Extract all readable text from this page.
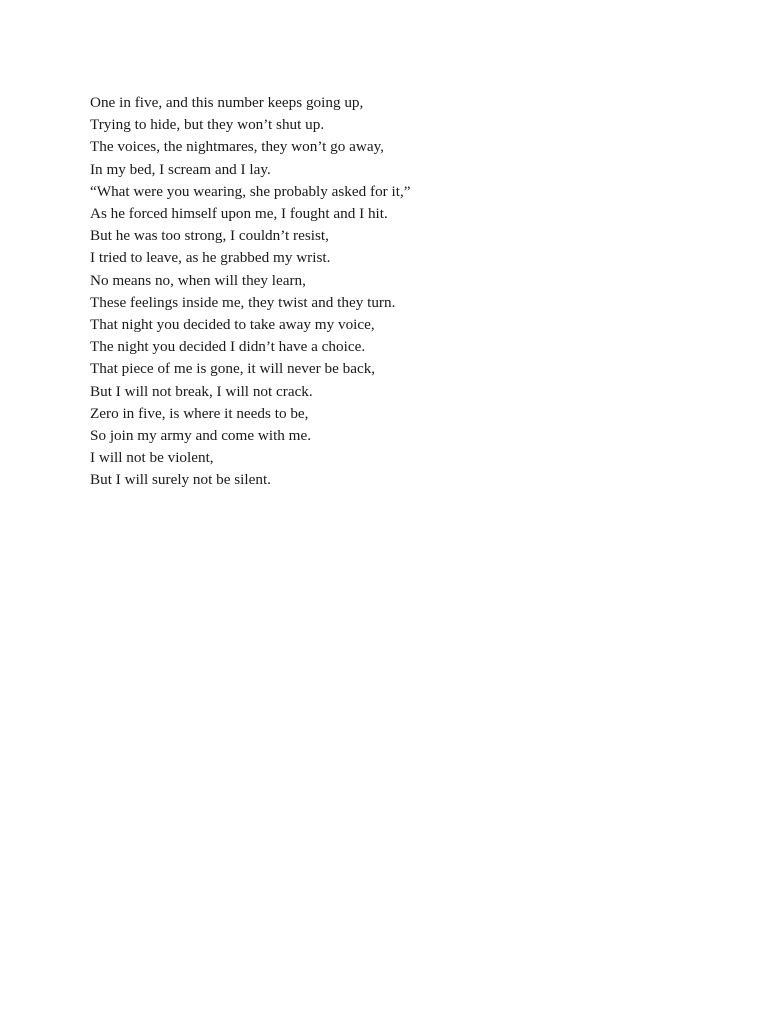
One in five, and this number keeps going up,
Trying to hide, but they won’t shut up.
The voices, the nightmares, they won’t go away,
In my bed, I scream and I lay.
“What were you wearing, she probably asked for it,”
As he forced himself upon me, I fought and I hit.
But he was too strong, I couldn’t resist,
I tried to leave, as he grabbed my wrist.
No means no, when will they learn,
These feelings inside me, they twist and they turn.
That night you decided to take away my voice,
The night you decided I didn’t have a choice.
That piece of me is gone, it will never be back,
But I will not break, I will not crack.
Zero in five, is where it needs to be,
So join my army and come with me.
I will not be violent,
But I will surely not be silent.
